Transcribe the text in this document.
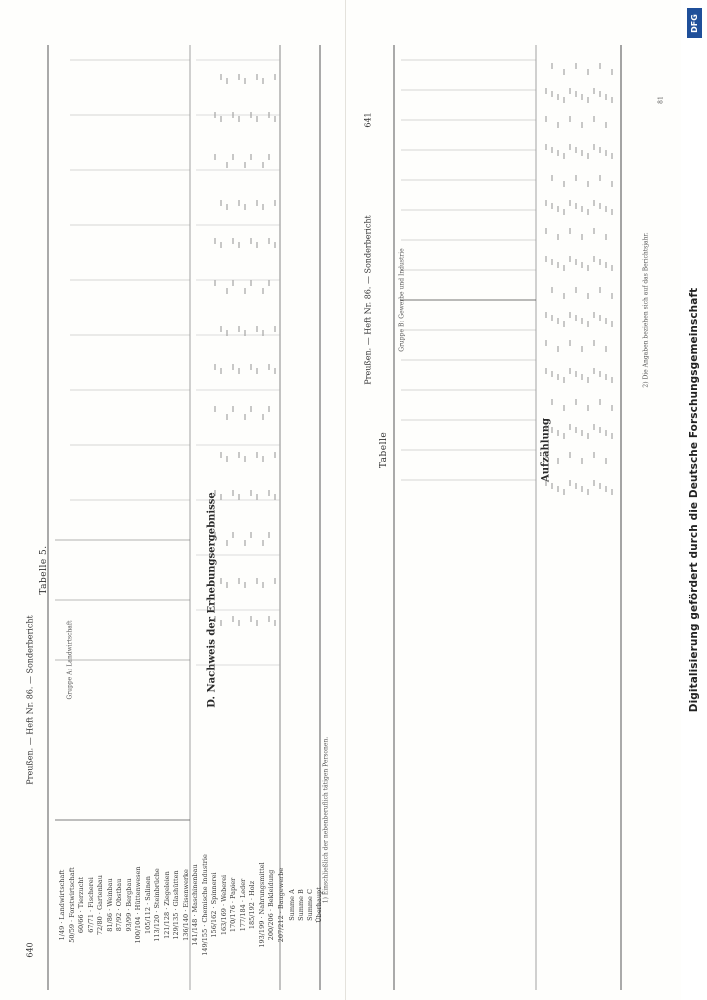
640
Preußen. — Heft Nr. 86. — Sonderbericht
Tabelle 5.
Gruppe A: Landwirtschaft	D. Nachweis der Erhebungsergebnisse
1/49 · Landwirtschaft 50/59 · Forstwirtschaft 60/66 · Tierzucht 67/71 · Fischerei 72/80 · Gartenbau 81/86 · Weinbau 87/92 · Obstbau 93/99 · Bergbau 100/104 · Hüttenwesen 105/112 · Salinen 113/120 · Steinbrüche 121/128 · Ziegeleien 129/135 · Glashütten 136/140 · Eisenwerke 141/148 · Maschinenbau 149/155 · Chemische Industrie 156/162 · Spinnerei 163/169 · Weberei 170/176 · Papier 177/184 · Leder 185/192 · Holz 193/199 · Nahrungsmittel 200/206 · Bekleidung 207/212 · Baugewerbe Summe A Summe B Summe C Überhaupt
1) Einschließlich der nebenberuflich tätigen Personen.
641
Preußen. — Heft Nr. 86. — Sonderbericht
Tabelle
Gruppe B: Gewerbe und Industrie
Aufzählung
2) Die Angaben beziehen sich auf das Berichtsjahr.
81
Digitalisierung gefördert durch die Deutsche Forschungsgemeinschaft
DFG
